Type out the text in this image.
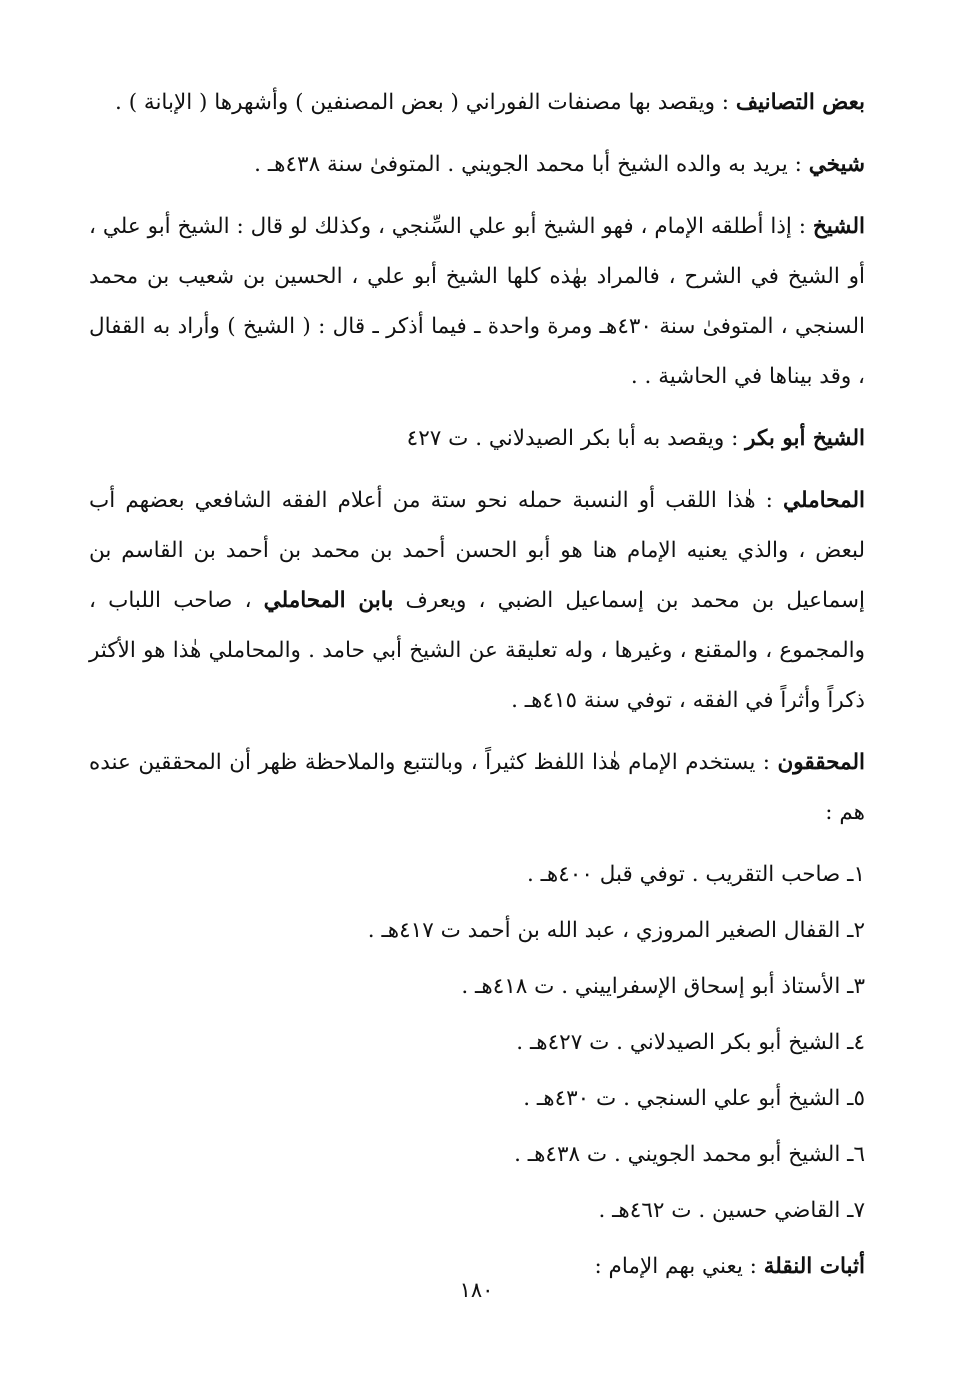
بعض التصانيف : ويقصد بها مصنفات الفوراني ( بعض المصنفين ) وأشهرها ( الإبانة ) .

شيخي : يريد به والده الشيخ أبا محمد الجويني . المتوفىٰ سنة ٤٣٨هـ .

الشيخ : إذا أطلقه الإمام ، فهو الشيخ أبو علي السِّنجي ، وكذلك لو قال : الشيخ أبو علي ، أو الشيخ في الشرح ، فالمراد بهٰذه كلها الشيخ أبو علي ، الحسين بن شعيب بن محمد السنجي ، المتوفىٰ سنة ٤٣٠هـ ومرة واحدة ـ فيما أذكر ـ قال : ( الشيخ ) وأراد به القفال ، وقد بيناها في الحاشية . .

الشيخ أبو بكر : ويقصد به أبا بكر الصيدلاني . ت ٤٢٧

المحاملي : هٰذا اللقب أو النسبة حمله نحو ستة من أعلام الفقه الشافعي بعضهم أب لبعض ، والذي يعنيه الإمام هنا هو أبو الحسن أحمد بن محمد بن أحمد بن القاسم بن إسماعيل بن محمد بن إسماعيل الضبي ، ويعرف بابن المحاملي ، صاحب اللباب ، والمجموع ، والمقنع ، وغيرها ، وله تعليقة عن الشيخ أبي حامد . والمحاملي هٰذا هو الأكثر ذكراً وأثراً في الفقه ، توفي سنة ٤١٥هـ .

المحققون : يستخدم الإمام هٰذا اللفظ كثيراً ، وبالتتبع والملاحظة ظهر أن المحققين عنده هم :

١ـ صاحب التقريب . توفي قبل ٤٠٠هـ .
٢ـ القفال الصغير المروزي ، عبد الله بن أحمد ت ٤١٧هـ .
٣ـ الأستاذ أبو إسحاق الإسفراييني . ت ٤١٨هـ .
٤ـ الشيخ أبو بكر الصيدلاني . ت ٤٢٧هـ .
٥ـ الشيخ أبو علي السنجي . ت ٤٣٠هـ .
٦ـ الشيخ أبو محمد الجويني . ت ٤٣٨هـ .
٧ـ القاضي حسين . ت ٤٦٢هـ .

أثبات النقلة : يعني بهم الإمام :

١٨٠
